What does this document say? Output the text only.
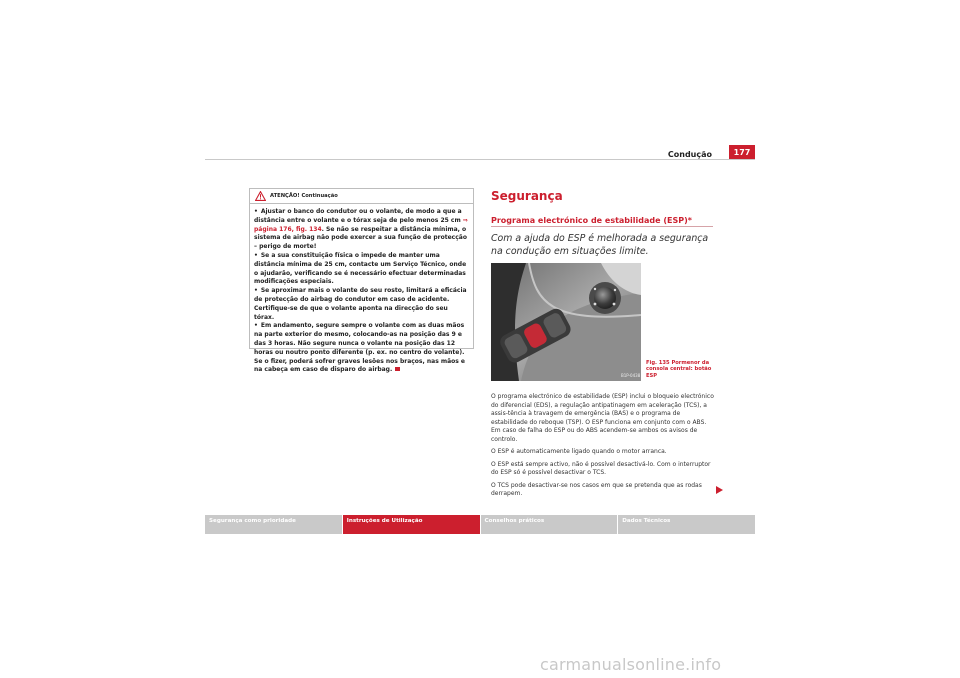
Condução	177
ATENÇÃO! Continuação

• Ajustar o banco do condutor ou o volante, de modo a que a distância entre o volante e o tórax seja de pelo menos 25 cm ⇒ página 176, fig. 134. Se não se respeitar a distância mínima, o sistema de airbag não pode exercer a sua função de protecção – perigo de morte!

• Se a sua constituição física o impede de manter uma distância mínima de 25 cm, contacte um Serviço Técnico, onde o ajudarão, verificando se é necessário efectuar determinadas modificações especiais.

• Se aproximar mais o volante do seu rosto, limitará a eficácia de protecção do airbag do condutor em caso de acidente. Certifique-se de que o volante aponta na direcção do seu tórax.

• Em andamento, segure sempre o volante com as duas mãos na parte exterior do mesmo, colocando-as na posição das 9 e das 3 horas. Não segure nunca o volante na posição das 12 horas ou noutro ponto diferente (p. ex. no centro do volante). Se o fizer, poderá sofrer graves lesões nos braços, nas mãos e na cabeça em caso de disparo do airbag.

Segurança
Programa electrónico de estabilidade (ESP)*
Com a ajuda do ESP é melhorada a segurança na condução em situações limite.
B1P-0438
Fig. 135 Pormenor da consola central: botão ESP

O programa electrónico de estabilidade (ESP) inclui o bloqueio electrónico do diferencial (EDS), a regulação antipatinagem em aceleração (TCS), a assis-tência à travagem de emergência (BAS) e o programa de estabilidade do reboque (TSP). O ESP funciona em conjunto com o ABS. Em caso de falha do ESP ou do ABS acendem-se ambos os avisos de controlo.

O ESP é automaticamente ligado quando o motor arranca.

O ESP está sempre activo, não é possível desactivá-lo. Com o interruptor do ESP só é possível desactivar o TCS.

O TCS pode desactivar-se nos casos em que se pretenda que as rodas derrapem.

Segurança como prioridade	Instruções de Utilização	Conselhos práticos	Dados Técnicos
carmanualsonline.info
